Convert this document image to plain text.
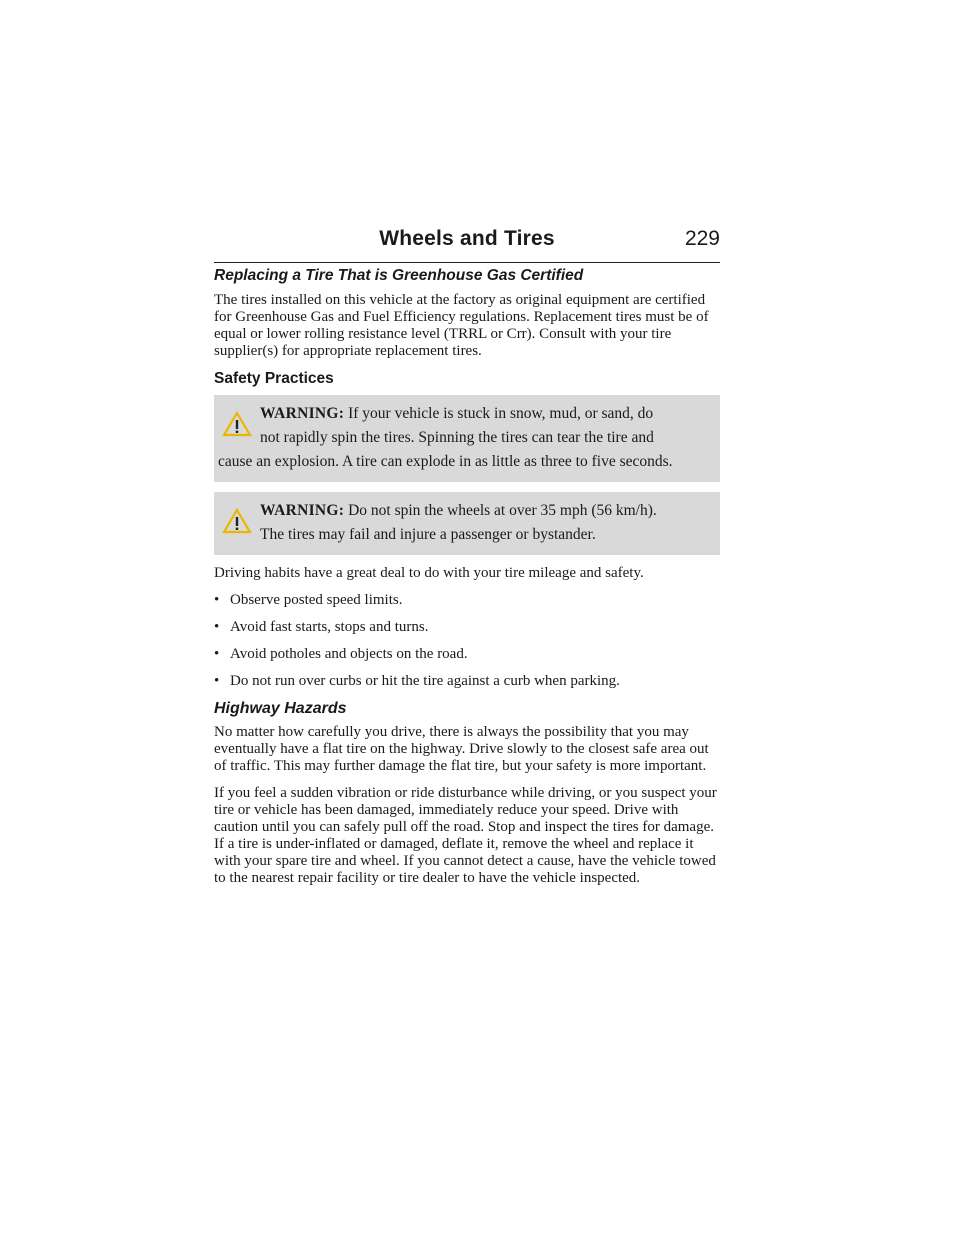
Wheels and Tires	229
Replacing a Tire That is Greenhouse Gas Certified

The tires installed on this vehicle at the factory as original equipment are certified for Greenhouse Gas and Fuel Efficiency regulations. Replacement tires must be of equal or lower rolling resistance level (TRRL or Crr). Consult with your tire supplier(s) for appropriate replacement tires.

Safety Practices
WARNING: If your vehicle is stuck in snow, mud, or sand, do
not rapidly spin the tires. Spinning the tires can tear the tire and
cause an explosion. A tire can explode in as little as three to five seconds.
WARNING: Do not spin the wheels at over 35 mph (56 km/h).
The tires may fail and injure a passenger or bystander.

Driving habits have a great deal to do with your tire mileage and safety.

• Observe posted speed limits.
• Avoid fast starts, stops and turns.
• Avoid potholes and objects on the road.
• Do not run over curbs or hit the tire against a curb when parking.
Highway Hazards

No matter how carefully you drive, there is always the possibility that you may eventually have a flat tire on the highway. Drive slowly to the closest safe area out of traffic. This may further damage the flat tire, but your safety is more important.

If you feel a sudden vibration or ride disturbance while driving, or you suspect your tire or vehicle has been damaged, immediately reduce your speed. Drive with caution until you can safely pull off the road. Stop and inspect the tires for damage. If a tire is under-inflated or damaged, deflate it, remove the wheel and replace it with your spare tire and wheel. If you cannot detect a cause, have the vehicle towed to the nearest repair facility or tire dealer to have the vehicle inspected.
